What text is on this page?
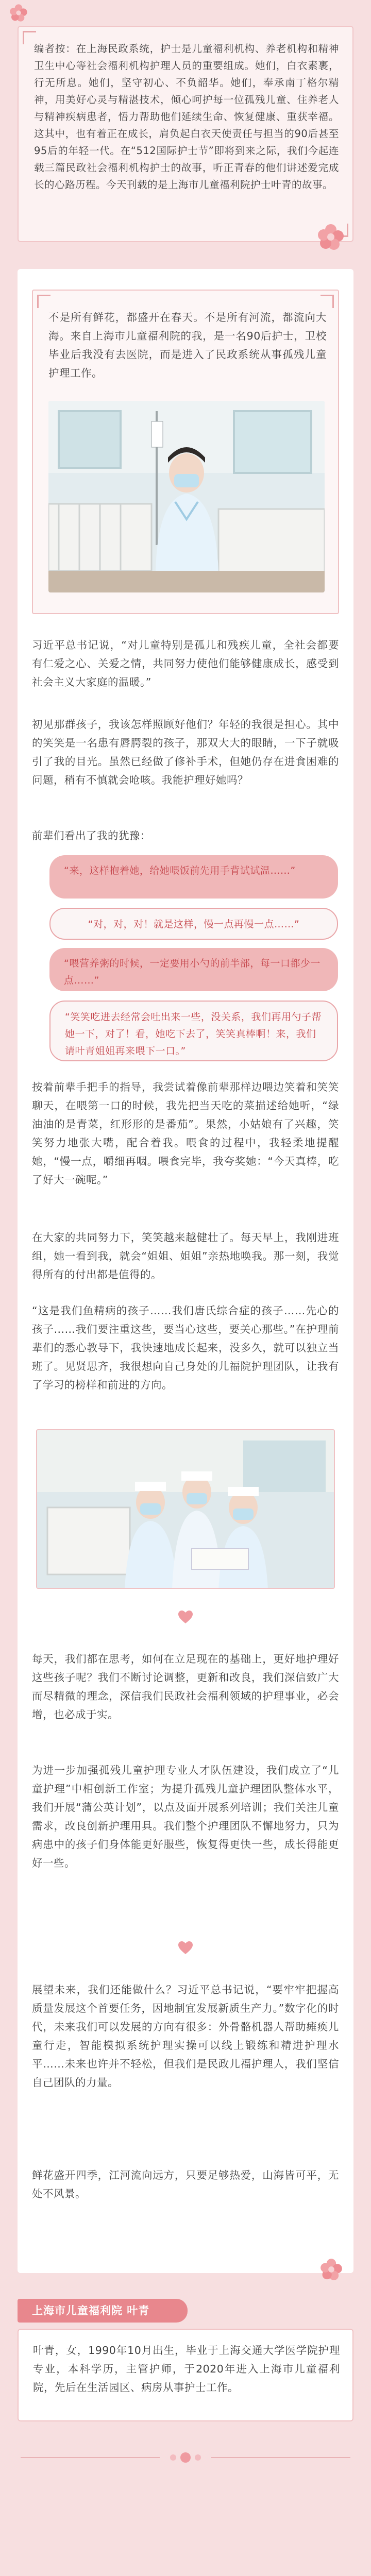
编者按：在上海民政系统，护士是儿童福利机构、养老机构和精神卫生中心等社会福利机构护理人员的重要组成。她们，白衣素裹，行无所息。她们，坚守初心、不负韶华。她们，奉承南丁格尔精神，用美好心灵与精湛技术，倾心呵护每一位孤残儿童、住养老人与精神疾病患者，悟力帮助他们延续生命、恢复健康、重获幸福。这其中，也有着正在成长，肩负起白衣天使责任与担当的90后甚至95后的年轻一代。在“512国际护士节”即将到来之际，我们今起连载三篇民政社会福利机构护士的故事，听正青春的他们讲述爱完成长的心路历程。今天刊载的是上海市儿童福利院护士叶青的故事。

不是所有鲜花，都盛开在春天。不是所有河流，都流向大海。来自上海市儿童福利院的我，是一名90后护士，卫校毕业后我没有去医院，而是进入了民政系统从事孤残儿童护理工作。

习近平总书记说，“对儿童特别是孤儿和残疾儿童，全社会都要有仁爱之心、关爱之情，共同努力使他们能够健康成长，感受到社会主义大家庭的温暖。”

初见那群孩子，我该怎样照顾好他们？年轻的我很是担心。其中的笑笑是一名患有唇腭裂的孩子，那双大大的眼睛，一下子就吸引了我的目光。虽然已经做了修补手术，但她仍存在进食困难的问题，稍有不慎就会呛咳。我能护理好她吗？

前辈们看出了我的犹豫：

“来，这样抱着她，给她喂饭前先用手背试试温……”
“对，对，对！就是这样，慢一点再慢一点……”
“喂营养粥的时候，一定要用小勺的前半部，每一口都少一点……”
“笑笑吃进去经常会吐出来一些，没关系，我们再用勺子帮她一下，对了！看，她吃下去了，笑笑真棒啊！来，我们请叶青姐姐再来喂下一口。”

按着前辈手把手的指导，我尝试着像前辈那样边喂边笑着和笑笑聊天，在喂第一口的时候，我先把当天吃的菜描述给她听，“绿油油的是青菜，红形形的是番茄”。果然，小姑娘有了兴趣，笑笑努力地张大嘴，配合着我。喂食的过程中，我轻柔地提醒她，“慢一点，嚼细再咽。喂食完毕，我夸奖她：“今天真棒，吃了好大一碗呢。”

在大家的共同努力下，笑笑越来越健壮了。每天早上，我刚进班组，她一看到我，就会“姐姐、姐姐”亲热地唤我。那一刻，我觉得所有的付出都是值得的。

“这是我们鱼精病的孩子……我们唐氏综合症的孩子……先心的孩子……我们要注重这些，要当心这些，要关心那些。”在护理前辈们的悉心教导下，我快速地成长起来，没多久，就可以独立当班了。见贤思齐，我很想向自己身处的儿福院护理团队，让我有了学习的榜样和前进的方向。

每天，我们都在思考，如何在立足现在的基础上，更好地护理好这些孩子呢？我们不断讨论调整，更新和改良，我们深信致广大而尽精微的理念，深信我们民政社会福利领域的护理事业，必会增，也必成于实。

为进一步加强孤残儿童护理专业人才队伍建设，我们成立了“儿童护理”中相创新工作室；为提升孤残儿童护理团队整体水平，我们开展“蒲公英计划”，以点及面开展系列培训；我们关注儿童需求，改良创新护理用具。我们整个护理团队不懈地努力，只为病患中的孩子们身体能更好服些，恢复得更快一些，成长得能更好一些。

展望未来，我们还能做什么？习近平总书记说，“要牢牢把握高质量发展这个首要任务，因地制宜发展新质生产力。”数字化的时代，未来我们可以发展的方向有很多：外骨骼机器人帮助瘫痪儿童行走，智能模拟系统护理实操可以线上锻练和精进护理水平……未来也许并不轻松，但我们是民政儿福护理人，我们坚信自己团队的力量。

鲜花盛开四季，江河流向远方，只要足够热爱，山海皆可平，无处不风景。

上海市儿童福利院 叶青

叶青，女，1990年10月出生，毕业于上海交通大学医学院护理专业，本科学历，主管护师，于2020年进入上海市儿童福利院，先后在生活园区、病房从事护士工作。
